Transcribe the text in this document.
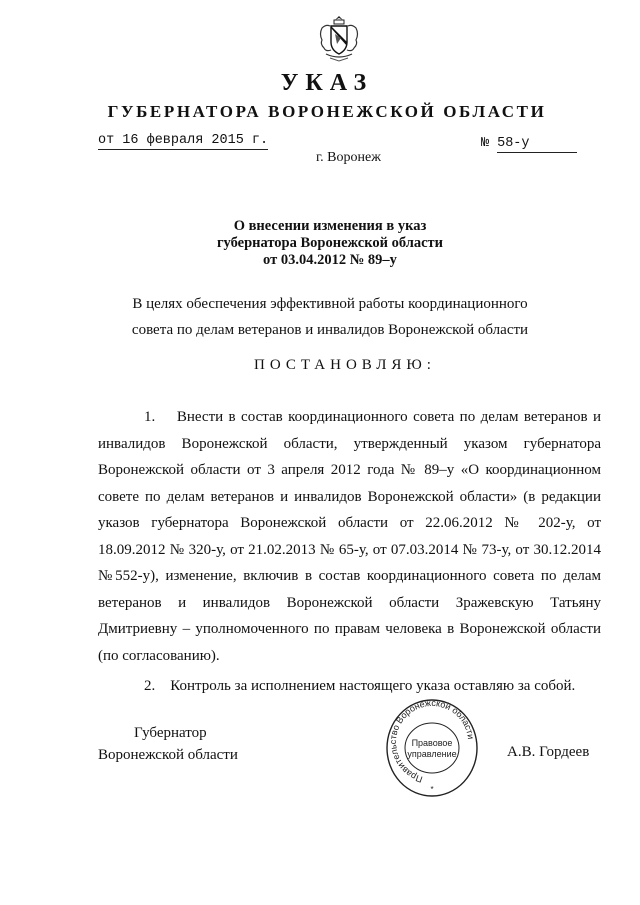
УКАЗ
ГУБЕРНАТОРА ВОРОНЕЖСКОЙ ОБЛАСТИ
от 16 февраля 2015 г.	№ 58-у
г. Воронеж
О внесении изменения в указ
губернатора Воронежской области
от 03.04.2012 № 89–у
В целях обеспечения эффективной работы координационного совета по делам ветеранов и инвалидов Воронежской области
ПОСТАНОВЛЯЮ:

1.    Внести в состав координационного совета по делам ветеранов и инвалидов Воронежской области, утвержденный указом губернатора Воронежской области от 3 апреля 2012 года № 89–у «О координационном совете по делам ветеранов и инвалидов Воронежской области» (в редакции указов губернатора Воронежской области от 22.06.2012 № 202-у, от 18.09.2012 № 320-у, от 21.02.2013 № 65-у, от 07.03.2014 № 73-у, от 30.12.2014 №552-у), изменение, включив в состав координационного совета по делам ветеранов и инвалидов Воронежской области Зражевскую Татьяну Дмитриевну – уполномоченного по правам человека в Воронежской области (по согласованию).

2.    Контроль за исполнением настоящего указа оставляю за собой.

Губернатор
Воронежской области
Правительство Воронежской области
Правовое
управление
*
А.В. Гордеев
